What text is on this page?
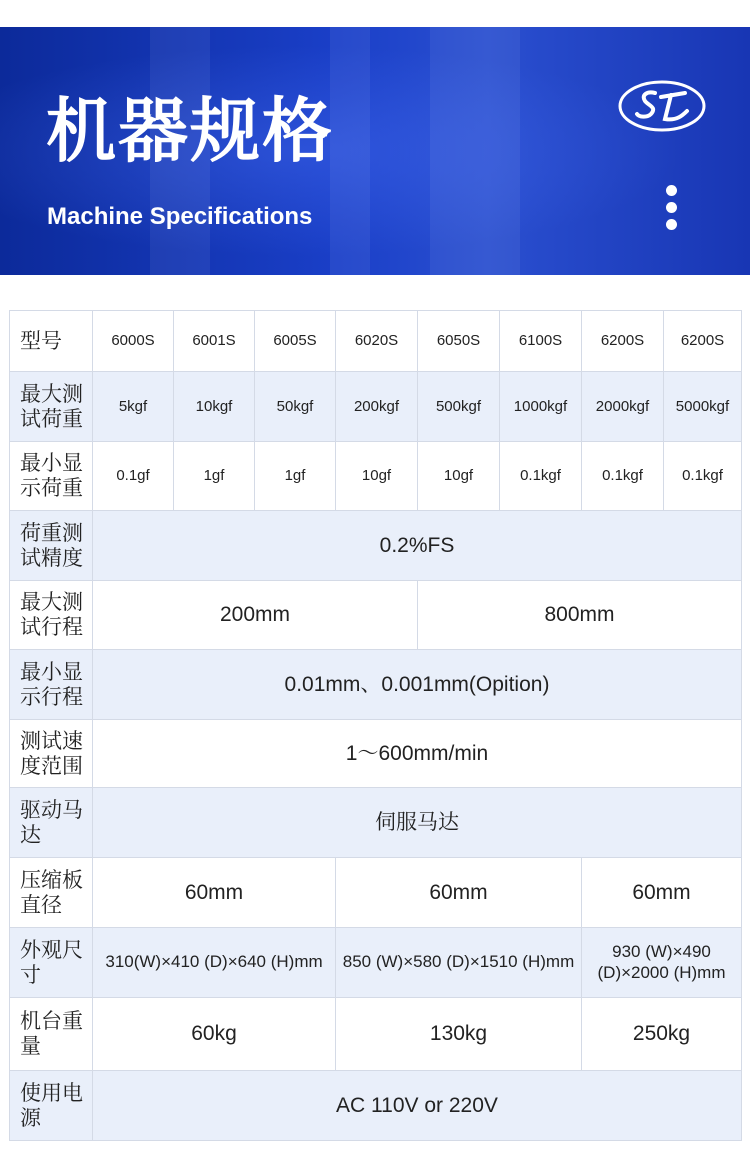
机器规格
Machine Specifications
型号	6000S	6001S	6005S	6020S	6050S	6100S	6200S	6200S
最大测试荷重	5kgf	10kgf	50kgf	200kgf	500kgf	1000kgf	2000kgf	5000kgf
最小显示荷重	0.1gf	1gf	1gf	10gf	10gf	0.1kgf	0.1kgf	0.1kgf
荷重测试精度	0.2%FS							
最大测试行程	200mm				800mm			
最小显示行程	0.01mm、0.001mm(Opition)							
测试速度范围	1～600mm/min							
驱动马达	伺服马达							
压缩板直径	60mm			60mm			60mm	
外观尺寸	310(W)×410 (D)×640 (H)mm			850 (W)×580 (D)×1510 (H)mm			930 (W)×490 (D)×2000 (H)mm	
机台重量	60kg			130kg			250kg	
使用电源	AC 110V or 220V							
